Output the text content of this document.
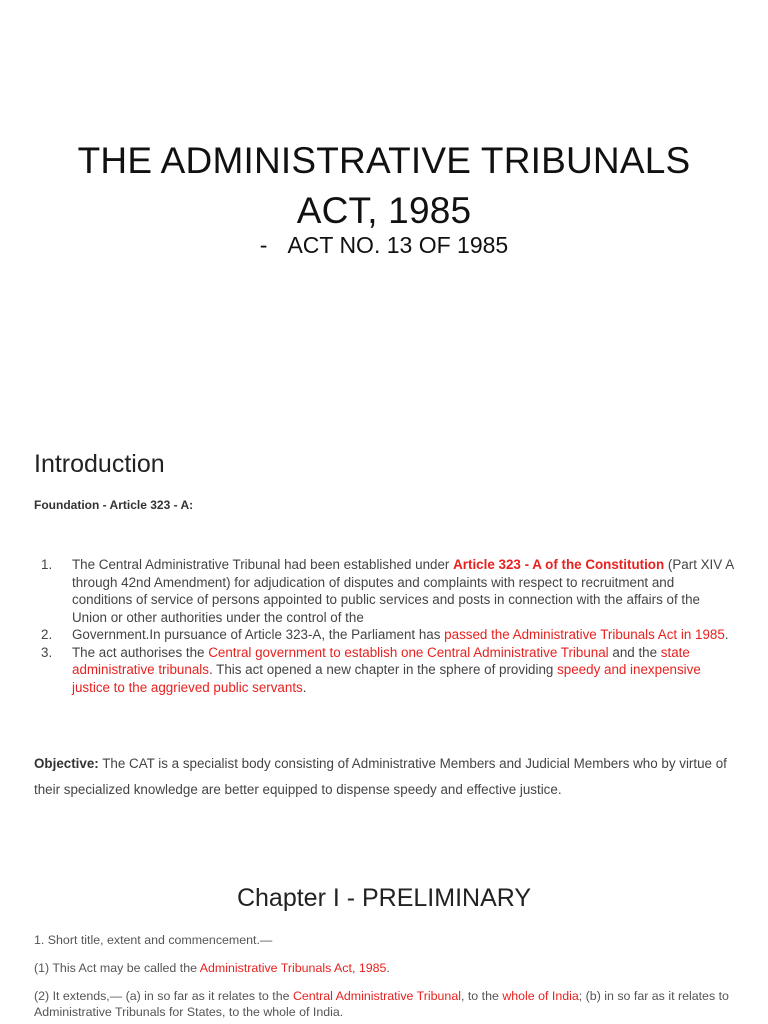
THE ADMINISTRATIVE TRIBUNALS
ACT, 1985
- ACT NO. 13 OF 1985
Introduction
Foundation - Article 323 - A:
1. The Central Administrative Tribunal had been established under Article 323 - A of the Constitution (Part XIV A through 42nd Amendment) for adjudication of disputes and complaints with respect to recruitment and conditions of service of persons appointed to public services and posts in connection with the affairs of the Union or other authorities under the control of the
2. Government.In pursuance of Article 323-A, the Parliament has passed the Administrative Tribunals Act in 1985.
3. The act authorises the Central government to establish one Central Administrative Tribunal and the state administrative tribunals. This act opened a new chapter in the sphere of providing speedy and inexpensive justice to the aggrieved public servants.
Objective: The CAT is a specialist body consisting of Administrative Members and Judicial Members who by virtue of their specialized knowledge are better equipped to dispense speedy and effective justice.
Chapter I - PRELIMINARY
1. Short title, extent and commencement.—
(1) This Act may be called the Administrative Tribunals Act, 1985.
(2) It extends,— (a) in so far as it relates to the Central Administrative Tribunal, to the whole of India; (b) in so far as it relates to Administrative Tribunals for States, to the whole of India.
